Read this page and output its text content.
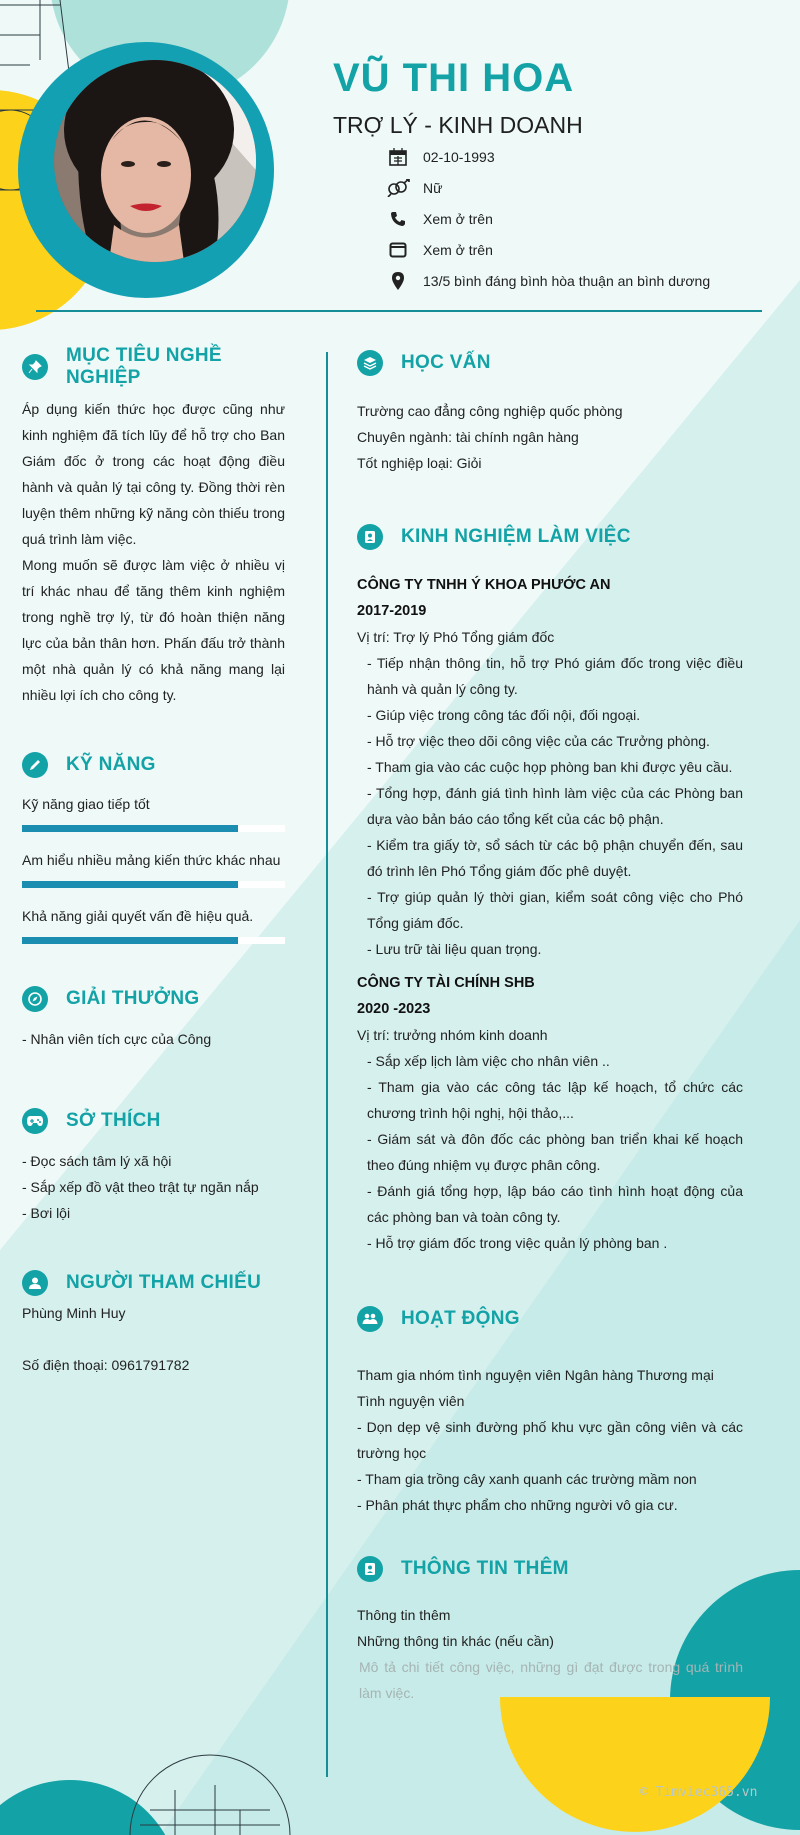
VŨ THI HOA
TRỢ LÝ - KINH DOANH
02-10-1993
Nữ
Xem ở trên
Xem ở trên
13/5 bình đáng bình hòa thuận an bình dương
MỤC TIÊU NGHỀ NGHIỆP

Áp dụng kiến thức học được cũng như kinh nghiệm đã tích lũy để hỗ trợ cho Ban Giám đốc ở trong các hoạt động điều hành và quản lý tại công ty. Đồng thời rèn luyện thêm những kỹ năng còn thiếu trong quá trình làm việc.

Mong muốn sẽ được làm việc ở nhiều vị trí khác nhau để tăng thêm kinh nghiệm trong nghề trợ lý, từ đó hoàn thiện năng lực của bản thân hơn. Phấn đấu trở thành một nhà quản lý có khả năng mang lại nhiều lợi ích cho công ty.

KỸ NĂNG
Kỹ năng giao tiếp tốt
Am hiểu nhiều mảng kiến thức khác nhau
Khả năng giải quyết vấn đề hiệu quả.
GIẢI THƯỞNG

- Nhân viên tích cực của Công

SỞ THÍCH

- Đọc sách tâm lý xã hội

- Sắp xếp đồ vật theo trật tự ngăn nắp

- Bơi lội

NGƯỜI THAM CHIẾU

Phùng Minh Huy

Số điện thoại: 0961791782

HỌC VẤN

Trường cao đẳng công nghiệp quốc phòng

Chuyên ngành: tài chính ngân hàng

Tốt nghiệp loại: Giỏi

KINH NGHIỆM LÀM VIỆC

CÔNG TY TNHH Ý KHOA PHƯỚC AN

2017-2019

Vị trí: Trợ lý Phó Tổng giám đốc

- Tiếp nhận thông tin, hỗ trợ Phó giám đốc trong việc điều hành và quản lý công ty.

- Giúp việc trong công tác đối nội, đối ngoại.

- Hỗ trợ việc theo dõi công việc của các Trưởng phòng.

- Tham gia vào các cuộc họp phòng ban khi được yêu cầu.

- Tổng hợp, đánh giá tình hình làm việc của các Phòng ban dựa vào bản báo cáo tổng kết của các bộ phận.

- Kiểm tra giấy tờ, sổ sách từ các bộ phận chuyển đến, sau đó trình lên Phó Tổng giám đốc phê duyệt.

- Trợ giúp quản lý thời gian, kiểm soát công việc cho Phó Tổng giám đốc.

- Lưu trữ tài liệu quan trọng.

CÔNG TY TÀI CHÍNH SHB

2020 -2023

Vị trí: trưởng nhóm kinh doanh

- Sắp xếp lịch làm việc cho nhân viên ..

- Tham gia vào các công tác lập kế hoạch, tổ chức các chương trình hội nghị, hội thảo,...

- Giám sát và đôn đốc các phòng ban triển khai kế hoạch theo đúng nhiệm vụ được phân công.

- Đánh giá tổng hợp, lập báo cáo tình hình hoạt động của các phòng ban và toàn công ty.

- Hỗ trợ giám đốc trong việc quản lý phòng ban .

HOẠT ĐỘNG

Tham gia nhóm tình nguyện viên Ngân hàng Thương mại

Tình nguyện viên

- Dọn dẹp vệ sinh đường phố khu vực gần công viên và các trường học

- Tham gia trồng cây xanh quanh các trường mầm non

- Phân phát thực phẩm cho những người vô gia cư.

THÔNG TIN THÊM

Thông tin thêm

Những thông tin khác (nếu cần)

Mô tả chi tiết công việc, những gì đạt được trong quá trình làm việc.

© Timviec365.vn
